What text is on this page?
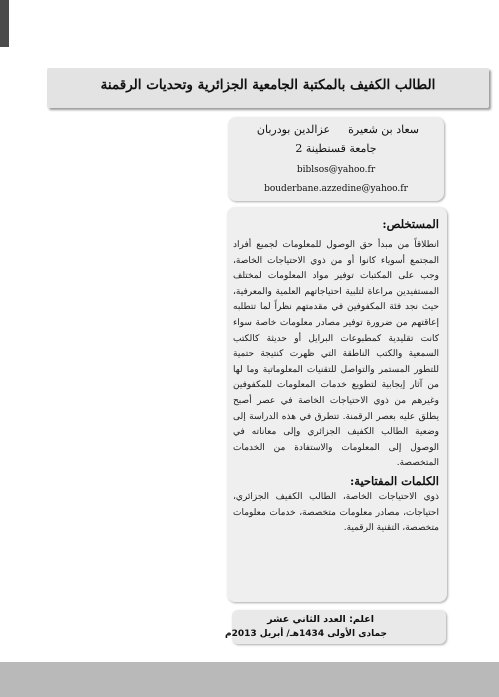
الطالب الكفيف بالمكتبة الجامعية الجزائرية وتحديات الرقمنة
سعاد بن شعيرةعزالدين بودربان
جامعة قسنطينة 2
biblsos@yahoo.fr
bouderbane.azzedine@yahoo.fr
المستخلص:
انطلاقاً من مبدأ حق الوصول للمعلومات لجميع أفراد المجتمع أسوياء كانوا أو من ذوي الاحتياجات الخاصة، وجب على المكتبات توفير مواد المعلومات لمختلف المستفيدين مراعاة لتلبية احتياجاتهم العلمية والمعرفية، حيث نجد فئة المكفوفين في مقدمتهم نظراً لما تتطلبه إعاقتهم من ضرورة توفير مصادر معلومات خاصة سواء كانت تقليدية كمطبوعات البرايل أو حديثة كالكتب السمعية والكتب الناطقة التي ظهرت كنتيجة حتمية للتطور المستمر والتواصل للتقنيات المعلوماتية وما لها من آثار إيجابية لتطويع خدمات المعلومات للمكفوفين وغيرهم من ذوي الاحتياجات الخاصة في عصر أصبح يطلق عليه بعصر الرقمنة. تتطرق في هذه الدراسة إلى وضعية الطالب الكفيف الجزائري وإلى معاناته في الوصول إلى المعلومات والاستفادة من الخدمات المتخصصة.
الكلمات المفتاحية:
ذوي الاحتياجات الخاصة، الطالب الكفيف الجزائري، احتياجات، مصادر معلومات متخصصة، خدمات معلومات متخصصة، التقنية الرقمية.
اعلم: العدد الثاني عشر
جمادى الأولى 1434هـ/ أبريل 2013م
